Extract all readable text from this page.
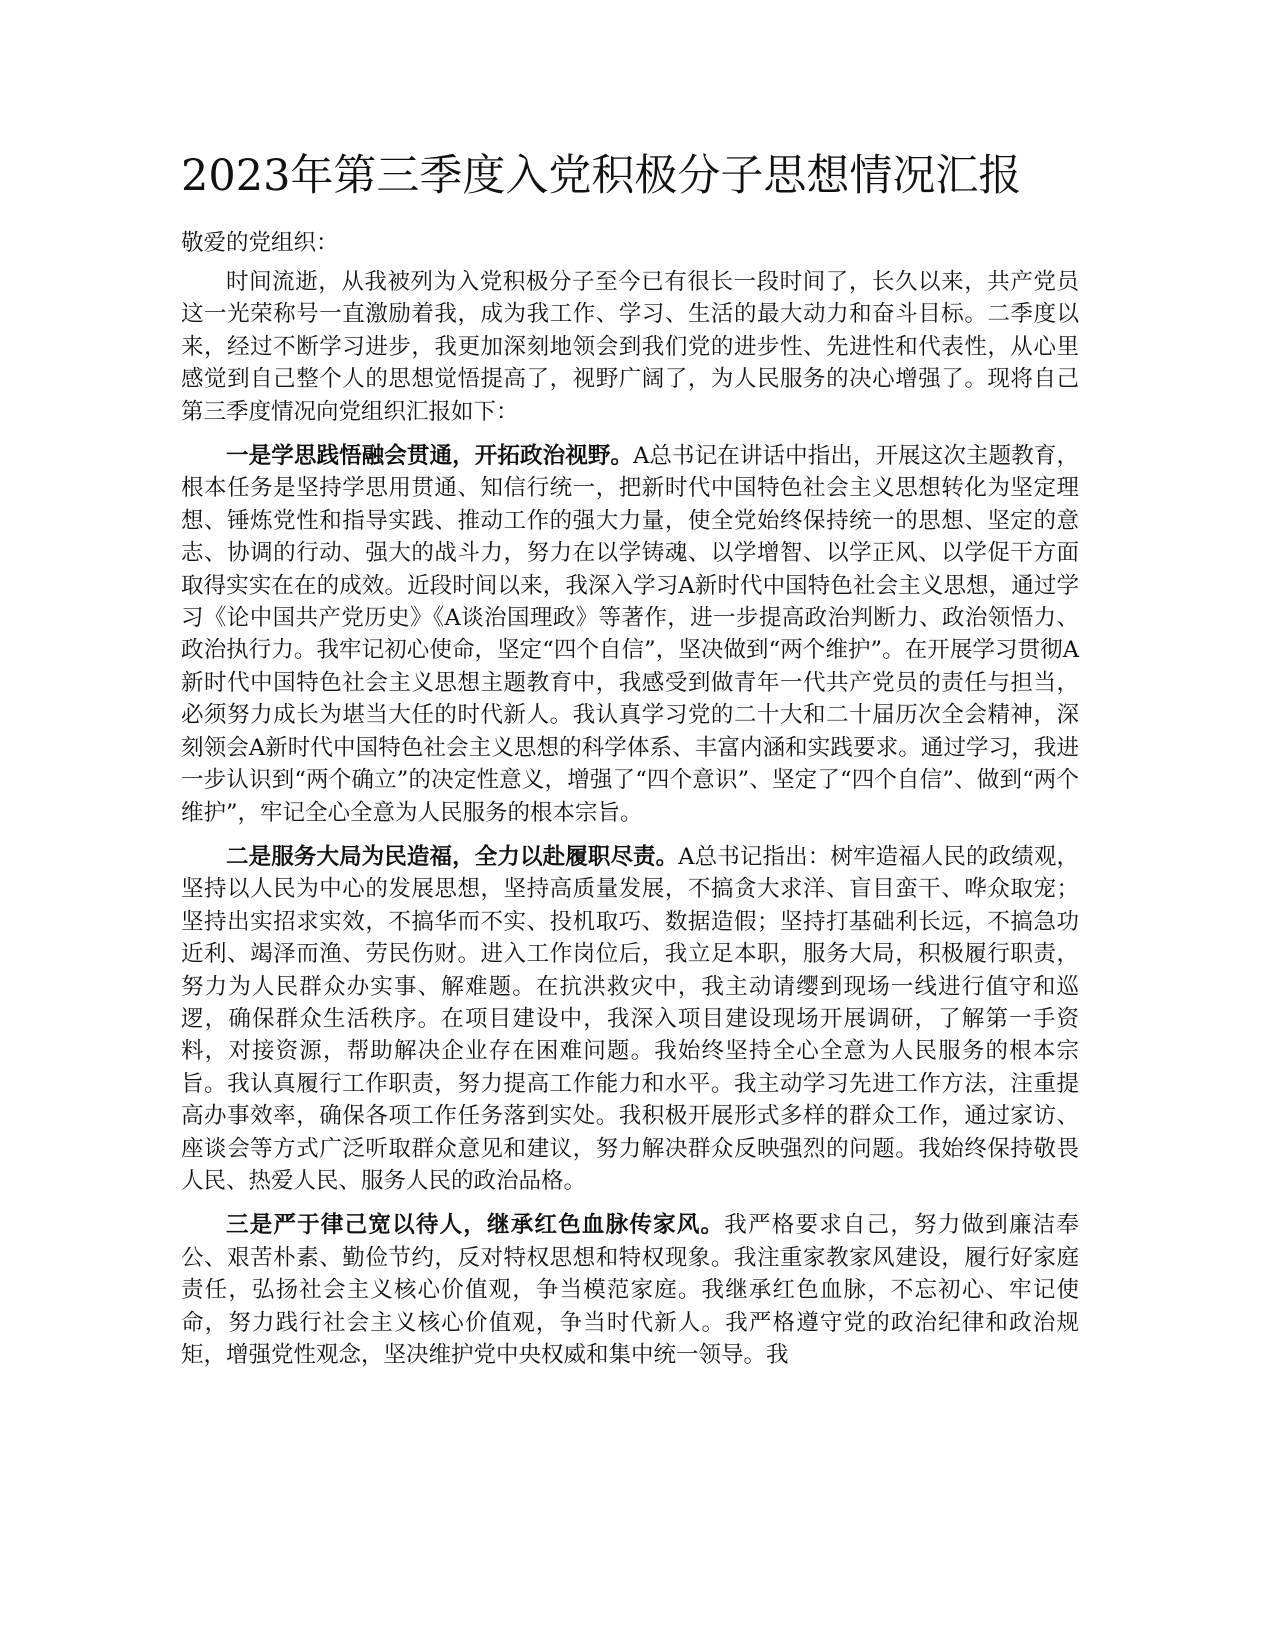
2023年第三季度入党积极分子思想情况汇报

敬爱的党组织：

时间流逝，从我被列为入党积极分子至今已有很长一段时间了，长久以来，共产党员这一光荣称号一直激励着我，成为我工作、学习、生活的最大动力和奋斗目标。二季度以来，经过不断学习进步，我更加深刻地领会到我们党的进步性、先进性和代表性，从心里感觉到自己整个人的思想觉悟提高了，视野广阔了，为人民服务的决心增强了。现将自己第三季度情况向党组织汇报如下：

一是学思践悟融会贯通，开拓政治视野。A总书记在讲话中指出，开展这次主题教育，根本任务是坚持学思用贯通、知信行统一，把新时代中国特色社会主义思想转化为坚定理想、锤炼党性和指导实践、推动工作的强大力量，使全党始终保持统一的思想、坚定的意志、协调的行动、强大的战斗力，努力在以学铸魂、以学增智、以学正风、以学促干方面取得实实在在的成效。近段时间以来，我深入学习A新时代中国特色社会主义思想，通过学习《论中国共产党历史》《A谈治国理政》等著作，进一步提高政治判断力、政治领悟力、政治执行力。我牢记初心使命，坚定“四个自信”，坚决做到“两个维护”。在开展学习贯彻A新时代中国特色社会主义思想主题教育中，我感受到做青年一代共产党员的责任与担当，必须努力成长为堪当大任的时代新人。我认真学习党的二十大和二十届历次全会精神，深刻领会A新时代中国特色社会主义思想的科学体系、丰富内涵和实践要求。通过学习，我进一步认识到“两个确立”的决定性意义，增强了“四个意识”、坚定了“四个自信”、做到“两个维护”，牢记全心全意为人民服务的根本宗旨。

二是服务大局为民造福，全力以赴履职尽责。A总书记指出：树牢造福人民的政绩观，坚持以人民为中心的发展思想，坚持高质量发展，不搞贪大求洋、盲目蛮干、哗众取宠；坚持出实招求实效，不搞华而不实、投机取巧、数据造假；坚持打基础利长远，不搞急功近利、竭泽而渔、劳民伤财。进入工作岗位后，我立足本职，服务大局，积极履行职责，努力为人民群众办实事、解难题。在抗洪救灾中，我主动请缨到现场一线进行值守和巡逻，确保群众生活秩序。在项目建设中，我深入项目建设现场开展调研，了解第一手资料，对接资源，帮助解决企业存在困难问题。我始终坚持全心全意为人民服务的根本宗旨。我认真履行工作职责，努力提高工作能力和水平。我主动学习先进工作方法，注重提高办事效率，确保各项工作任务落到实处。我积极开展形式多样的群众工作，通过家访、座谈会等方式广泛听取群众意见和建议，努力解决群众反映强烈的问题。我始终保持敬畏人民、热爱人民、服务人民的政治品格。

三是严于律己宽以待人，继承红色血脉传家风。我严格要求自己，努力做到廉洁奉公、艰苦朴素、勤俭节约，反对特权思想和特权现象。我注重家教家风建设，履行好家庭责任，弘扬社会主义核心价值观，争当模范家庭。我继承红色血脉，不忘初心、牢记使命，努力践行社会主义核心价值观，争当时代新人。我严格遵守党的政治纪律和政治规矩，增强党性观念，坚决维护党中央权威和集中统一领导。我
